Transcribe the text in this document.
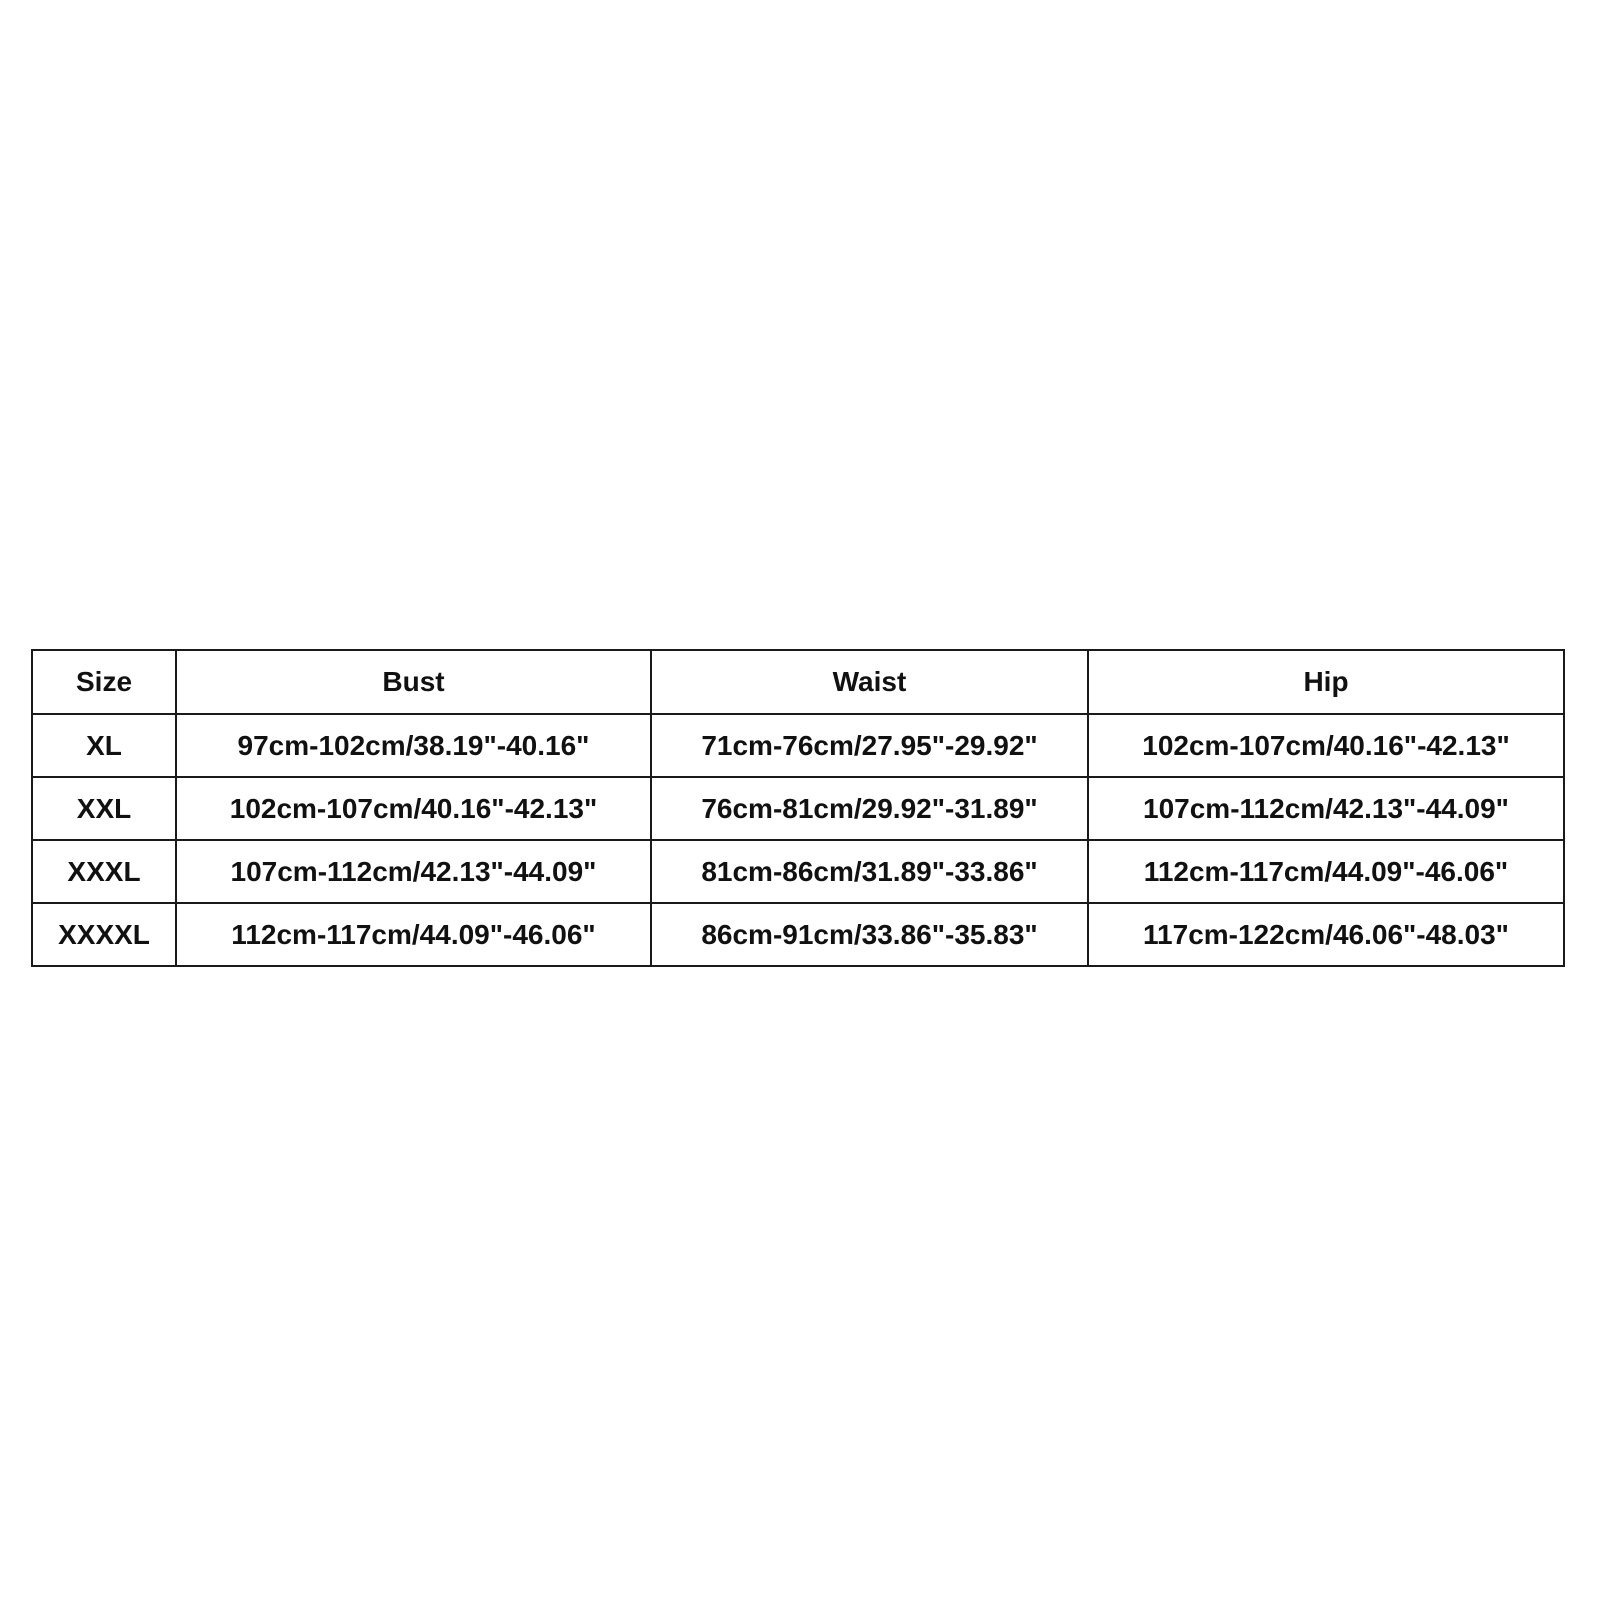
Size	Bust	Waist	Hip
XL	97cm-102cm/38.19"-40.16"	71cm-76cm/27.95"-29.92"	102cm-107cm/40.16"-42.13"
XXL	102cm-107cm/40.16"-42.13"	76cm-81cm/29.92"-31.89"	107cm-112cm/42.13"-44.09"
XXXL	107cm-112cm/42.13"-44.09"	81cm-86cm/31.89"-33.86"	112cm-117cm/44.09"-46.06"
XXXXL	112cm-117cm/44.09"-46.06"	86cm-91cm/33.86"-35.83"	117cm-122cm/46.06"-48.03"
